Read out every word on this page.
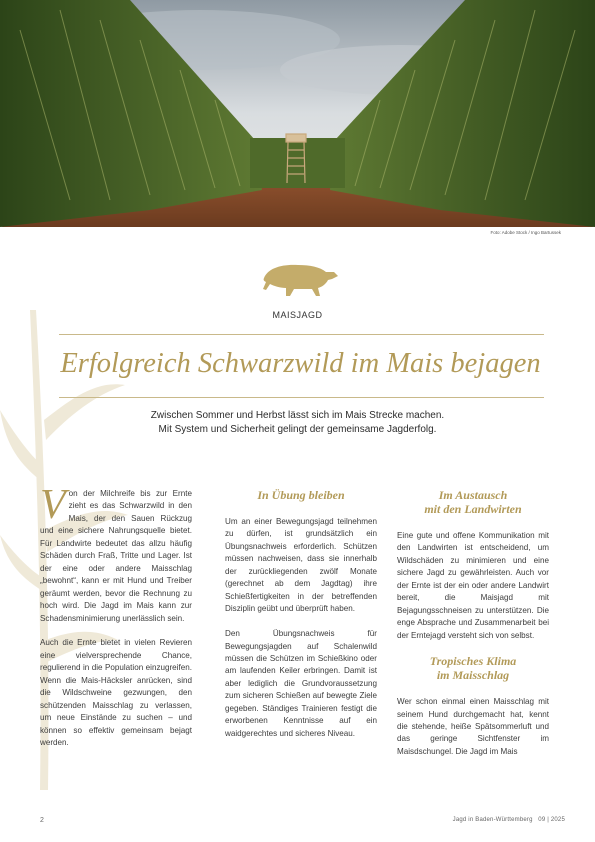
Foto: Adobe Stock / Ingo Bartussek
MAISJAGD
Erfolgreich Schwarzwild im Mais bejagen
Zwischen Sommer und Herbst lässt sich im Mais Strecke machen.
Mit System und Sicherheit gelingt der gemeinsame Jagderfolg.

Von der Milchreife bis zur Ernte zieht es das Schwarzwild in den Mais, der den Sauen Rückzug und eine sichere Nahrungsquelle bietet. Für Landwirte bedeutet das allzu häufig Schäden durch Fraß, Tritte und Lager. Ist der eine oder andere Maisschlag „bewohnt“, kann er mit Hund und Treiber geräumt werden, bevor die Rechnung zu hoch wird. Die Jagd im Mais kann zur Schadensminimierung unerlässlich sein.

Auch die Ernte bietet in vielen Revieren eine vielversprechende Chance, regulierend in die Population einzugreifen. Wenn die Mais-Häcksler anrücken, sind die Wildschweine gezwungen, den schützenden Maisschlag zu verlassen, um neue Einstände zu suchen – und können so effektiv gemeinsam bejagt werden.

In Übung bleiben

Um an einer Bewegungsjagd teilnehmen zu dürfen, ist grundsätzlich ein Übungsnachweis erforderlich. Schützen müssen nachweisen, dass sie innerhalb der zurückliegenden zwölf Monate (gerechnet ab dem Jagdtag) ihre Schießfertigkeiten in der betreffenden Disziplin geübt und überprüft haben.

Den Übungsnachweis für Bewegungsjagden auf Schalenwild müssen die Schützen im Schießkino oder am laufenden Keiler erbringen. Damit ist aber lediglich die Grundvoraussetzung zum sicheren Schießen auf bewegte Ziele gegeben. Ständiges Trainieren festigt die erworbenen Kenntnisse auf ein waidgerechtes und sicheres Niveau.

Im Austausch
mit den Landwirten

Eine gute und offene Kommunikation mit den Landwirten ist entscheidend, um Wildschäden zu minimieren und eine sichere Jagd zu gewährleisten. Auch vor der Ernte ist der ein oder andere Landwirt bereit, die Maisjagd mit Bejagungsschneisen zu unterstützen. Die enge Absprache und Zusammenarbeit bei der Erntejagd versteht sich von selbst.

Tropisches Klima
im Maisschlag

Wer schon einmal einen Maisschlag mit seinem Hund durchgemacht hat, kennt die stehende, heiße Spätsommerluft und das geringe Sichtfenster im Maisdschungel. Die Jagd im Mais

2	Jagd in Baden-Württemberg 09 | 2025
